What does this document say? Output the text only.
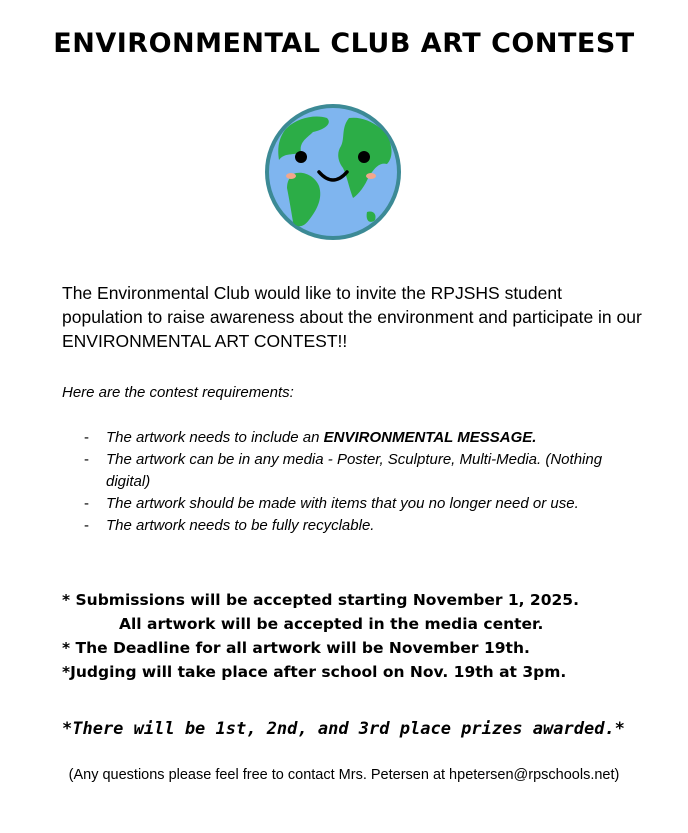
ENVIRONMENTAL CLUB ART CONTEST

The Environmental Club would like to invite the RPJSHS student population to raise awareness about the environment and participate in our ENVIRONMENTAL ART CONTEST!!

Here are the contest requirements:

- The artwork needs to include an ENVIRONMENTAL MESSAGE.
- The artwork can be in any media - Poster, Sculpture, Multi-Media. (Nothing digital)
- The artwork should be made with items that you no longer need or use.
- The artwork needs to be fully recyclable.
* Submissions will be accepted starting November 1, 2025.
All artwork will be accepted in the media center.
* The Deadline for all artwork will be November 19th.
*Judging will take place after school on Nov. 19th at 3pm.

*There will be 1st, 2nd, and 3rd place prizes awarded.*

(Any questions please feel free to contact Mrs. Petersen at hpetersen@rpschools.net)
